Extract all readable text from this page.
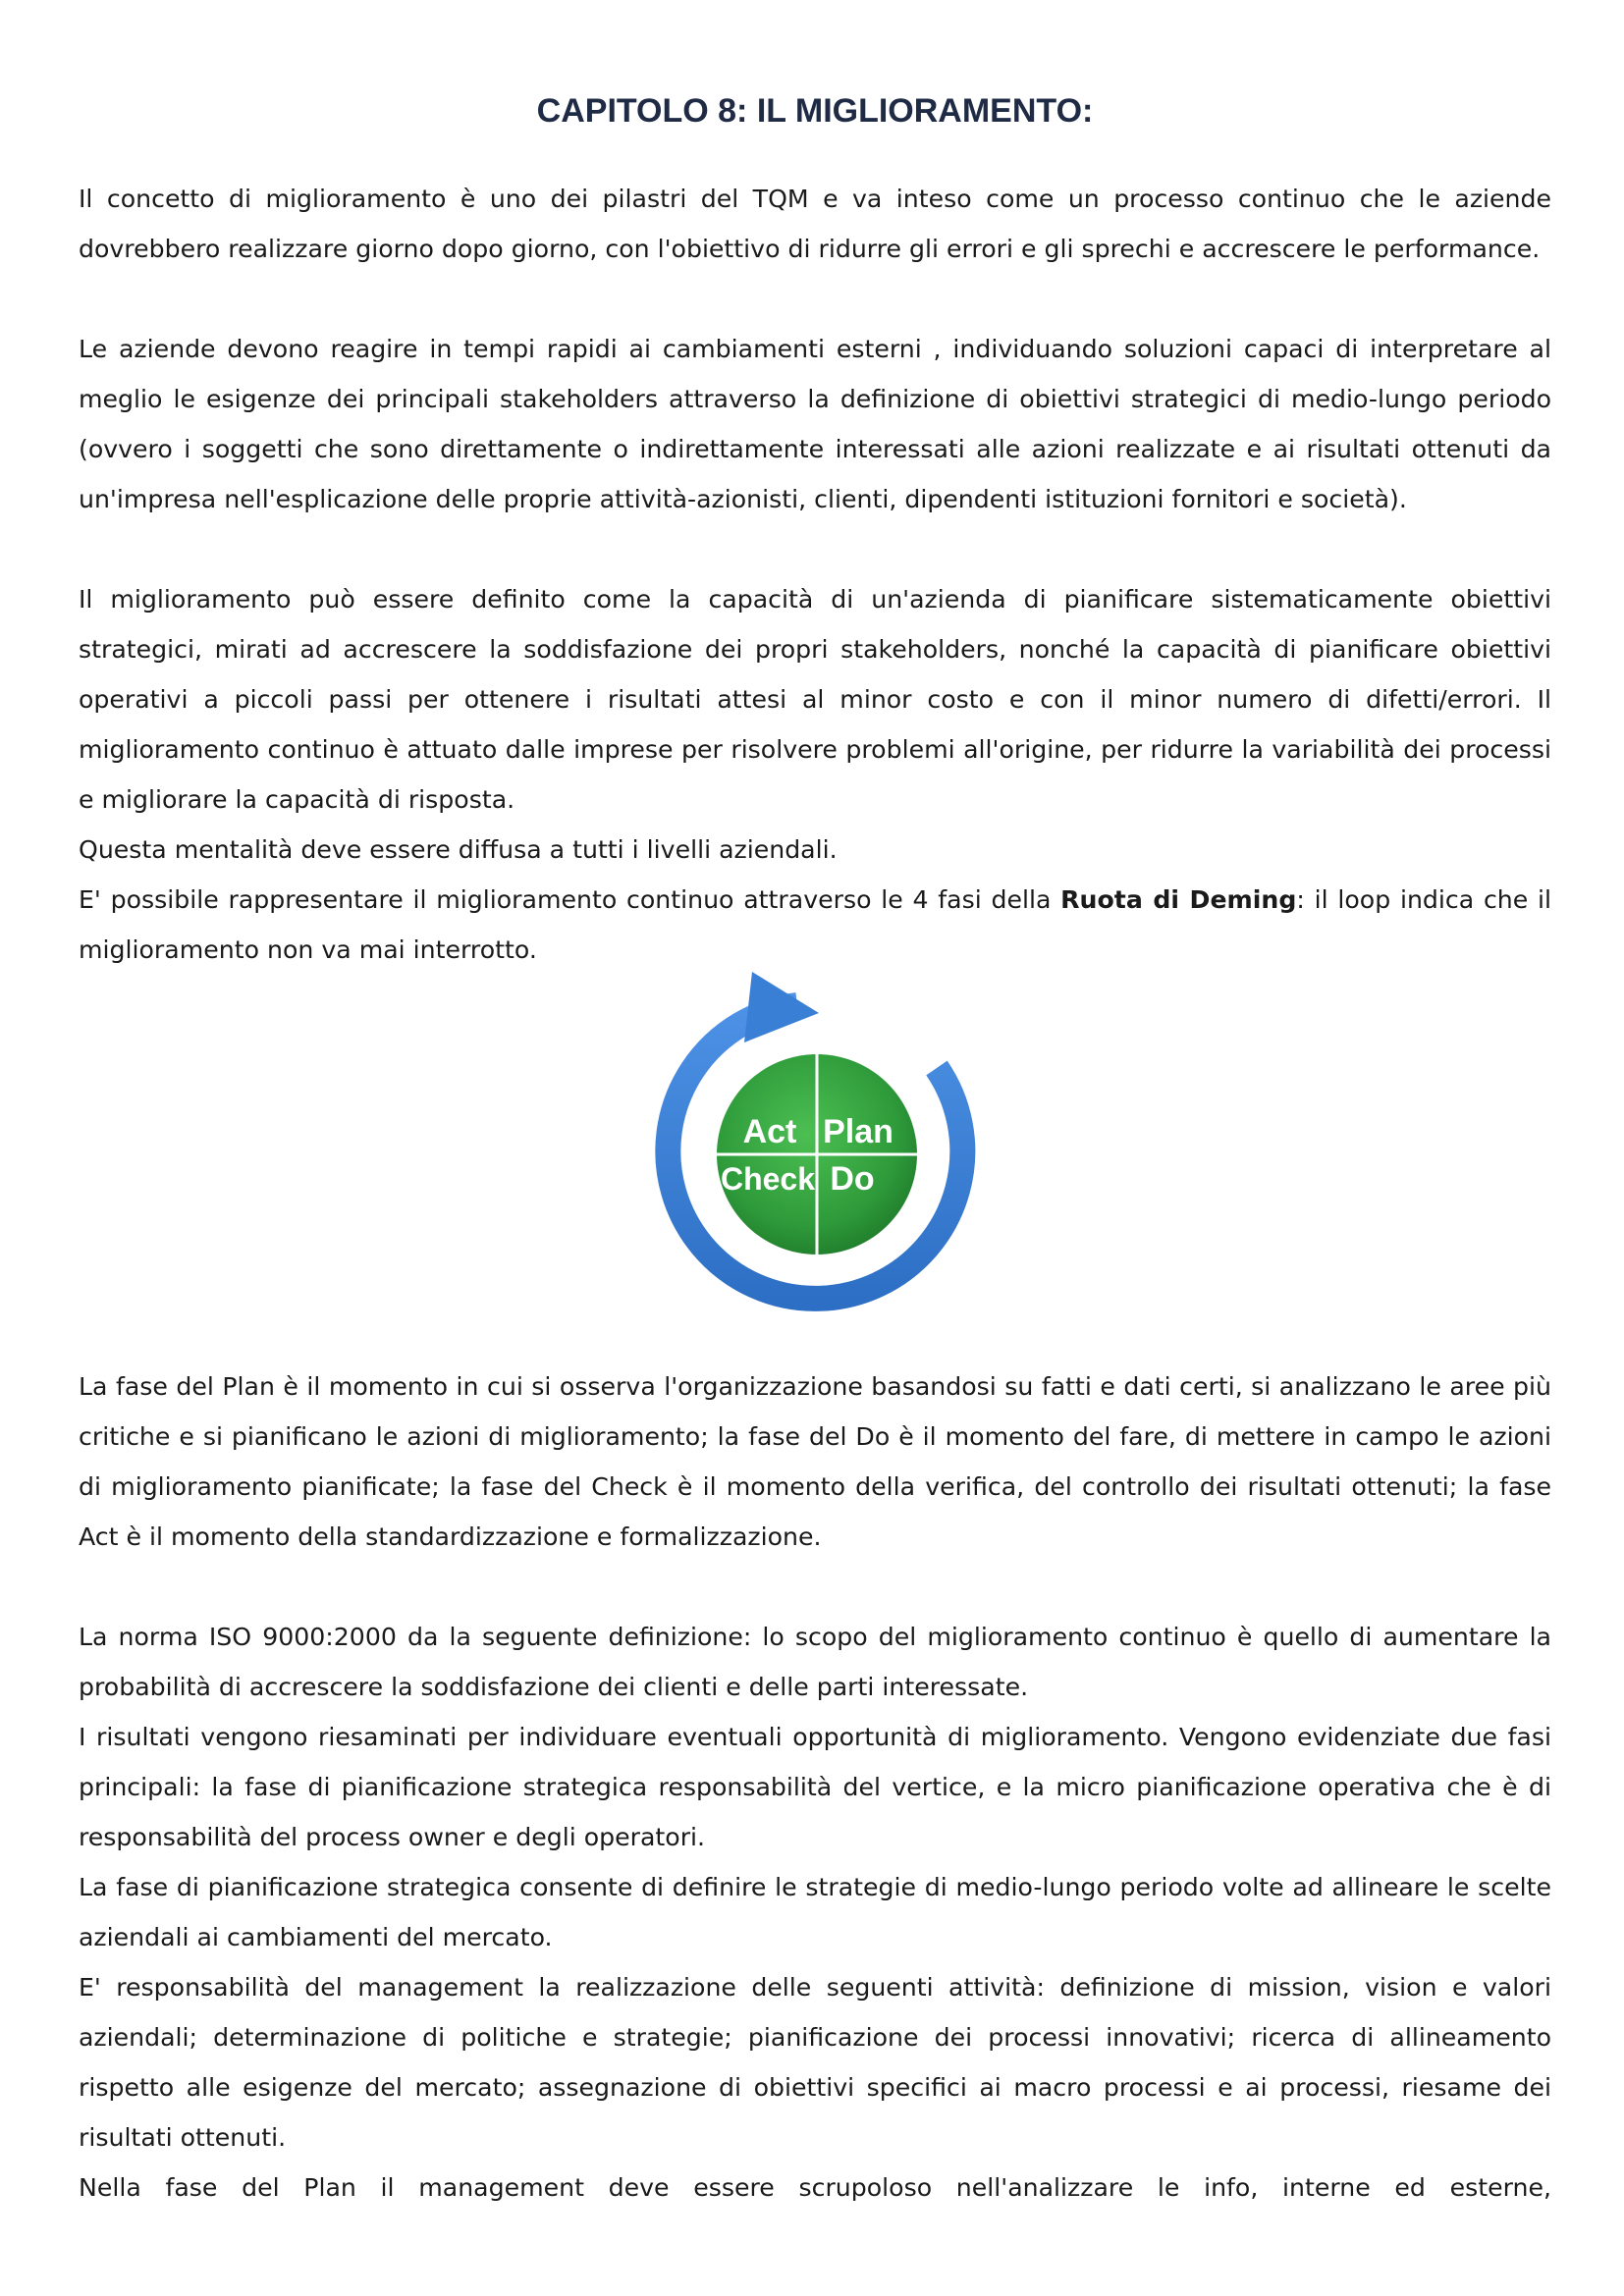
CAPITOLO 8: IL MIGLIORAMENTO:

Il concetto di miglioramento è uno dei pilastri del TQM e va inteso come un processo continuo che le aziende dovrebbero realizzare giorno dopo giorno, con l'obiettivo di ridurre gli errori e gli sprechi e accrescere le performance.

Le aziende devono reagire in tempi rapidi ai cambiamenti esterni , individuando soluzioni capaci di interpretare al meglio le esigenze dei principali stakeholders attraverso la definizione di obiettivi strategici di medio-lungo periodo (ovvero i soggetti che sono direttamente o indirettamente interessati alle azioni realizzate e ai risultati ottenuti da un'impresa nell'esplicazione delle proprie attività-azionisti, clienti, dipendenti istituzioni fornitori e società).

Il miglioramento può essere definito come la capacità di un'azienda di pianificare sistematicamente obiettivi strategici, mirati ad accrescere la soddisfazione dei propri stakeholders, nonché la capacità di pianificare obiettivi operativi a piccoli passi per ottenere i risultati attesi al minor costo e con il minor numero di difetti/errori. Il miglioramento continuo è attuato dalle imprese per risolvere problemi all'origine, per ridurre la variabilità dei processi e migliorare la capacità di risposta.

Questa mentalità deve essere diffusa a tutti i livelli aziendali.

E' possibile rappresentare il miglioramento continuo attraverso le 4 fasi della Ruota di Deming: il loop indica che il miglioramento non va mai interrotto.

Act Plan
Check Do

La fase del Plan è il momento in cui si osserva l'organizzazione basandosi su fatti e dati certi, si analizzano le aree più critiche e si pianificano le azioni di miglioramento; la fase del Do è il momento del fare, di mettere in campo le azioni di miglioramento pianificate; la fase del Check è il momento della verifica, del controllo dei risultati ottenuti; la fase Act è il momento della standardizzazione e formalizzazione.

La norma ISO 9000:2000 da la seguente definizione: lo scopo del miglioramento continuo è quello di aumentare la probabilità di accrescere la soddisfazione dei clienti e delle parti interessate.

I risultati vengono riesaminati per individuare eventuali opportunità di miglioramento. Vengono evidenziate due fasi principali: la fase di pianificazione strategica responsabilità del vertice, e la micro pianificazione operativa che è di responsabilità del process owner e degli operatori.

La fase di pianificazione strategica consente di definire le strategie di medio-lungo periodo volte ad allineare le scelte aziendali ai cambiamenti del mercato.

E' responsabilità del management la realizzazione delle seguenti attività: definizione di mission, vision e valori aziendali; determinazione di politiche e strategie; pianificazione dei processi innovativi; ricerca di allineamento rispetto alle esigenze del mercato; assegnazione di obiettivi specifici ai macro processi e ai processi, riesame dei risultati ottenuti.

Nella fase del Plan il management deve essere scrupoloso nell'analizzare le info, interne ed esterne,
